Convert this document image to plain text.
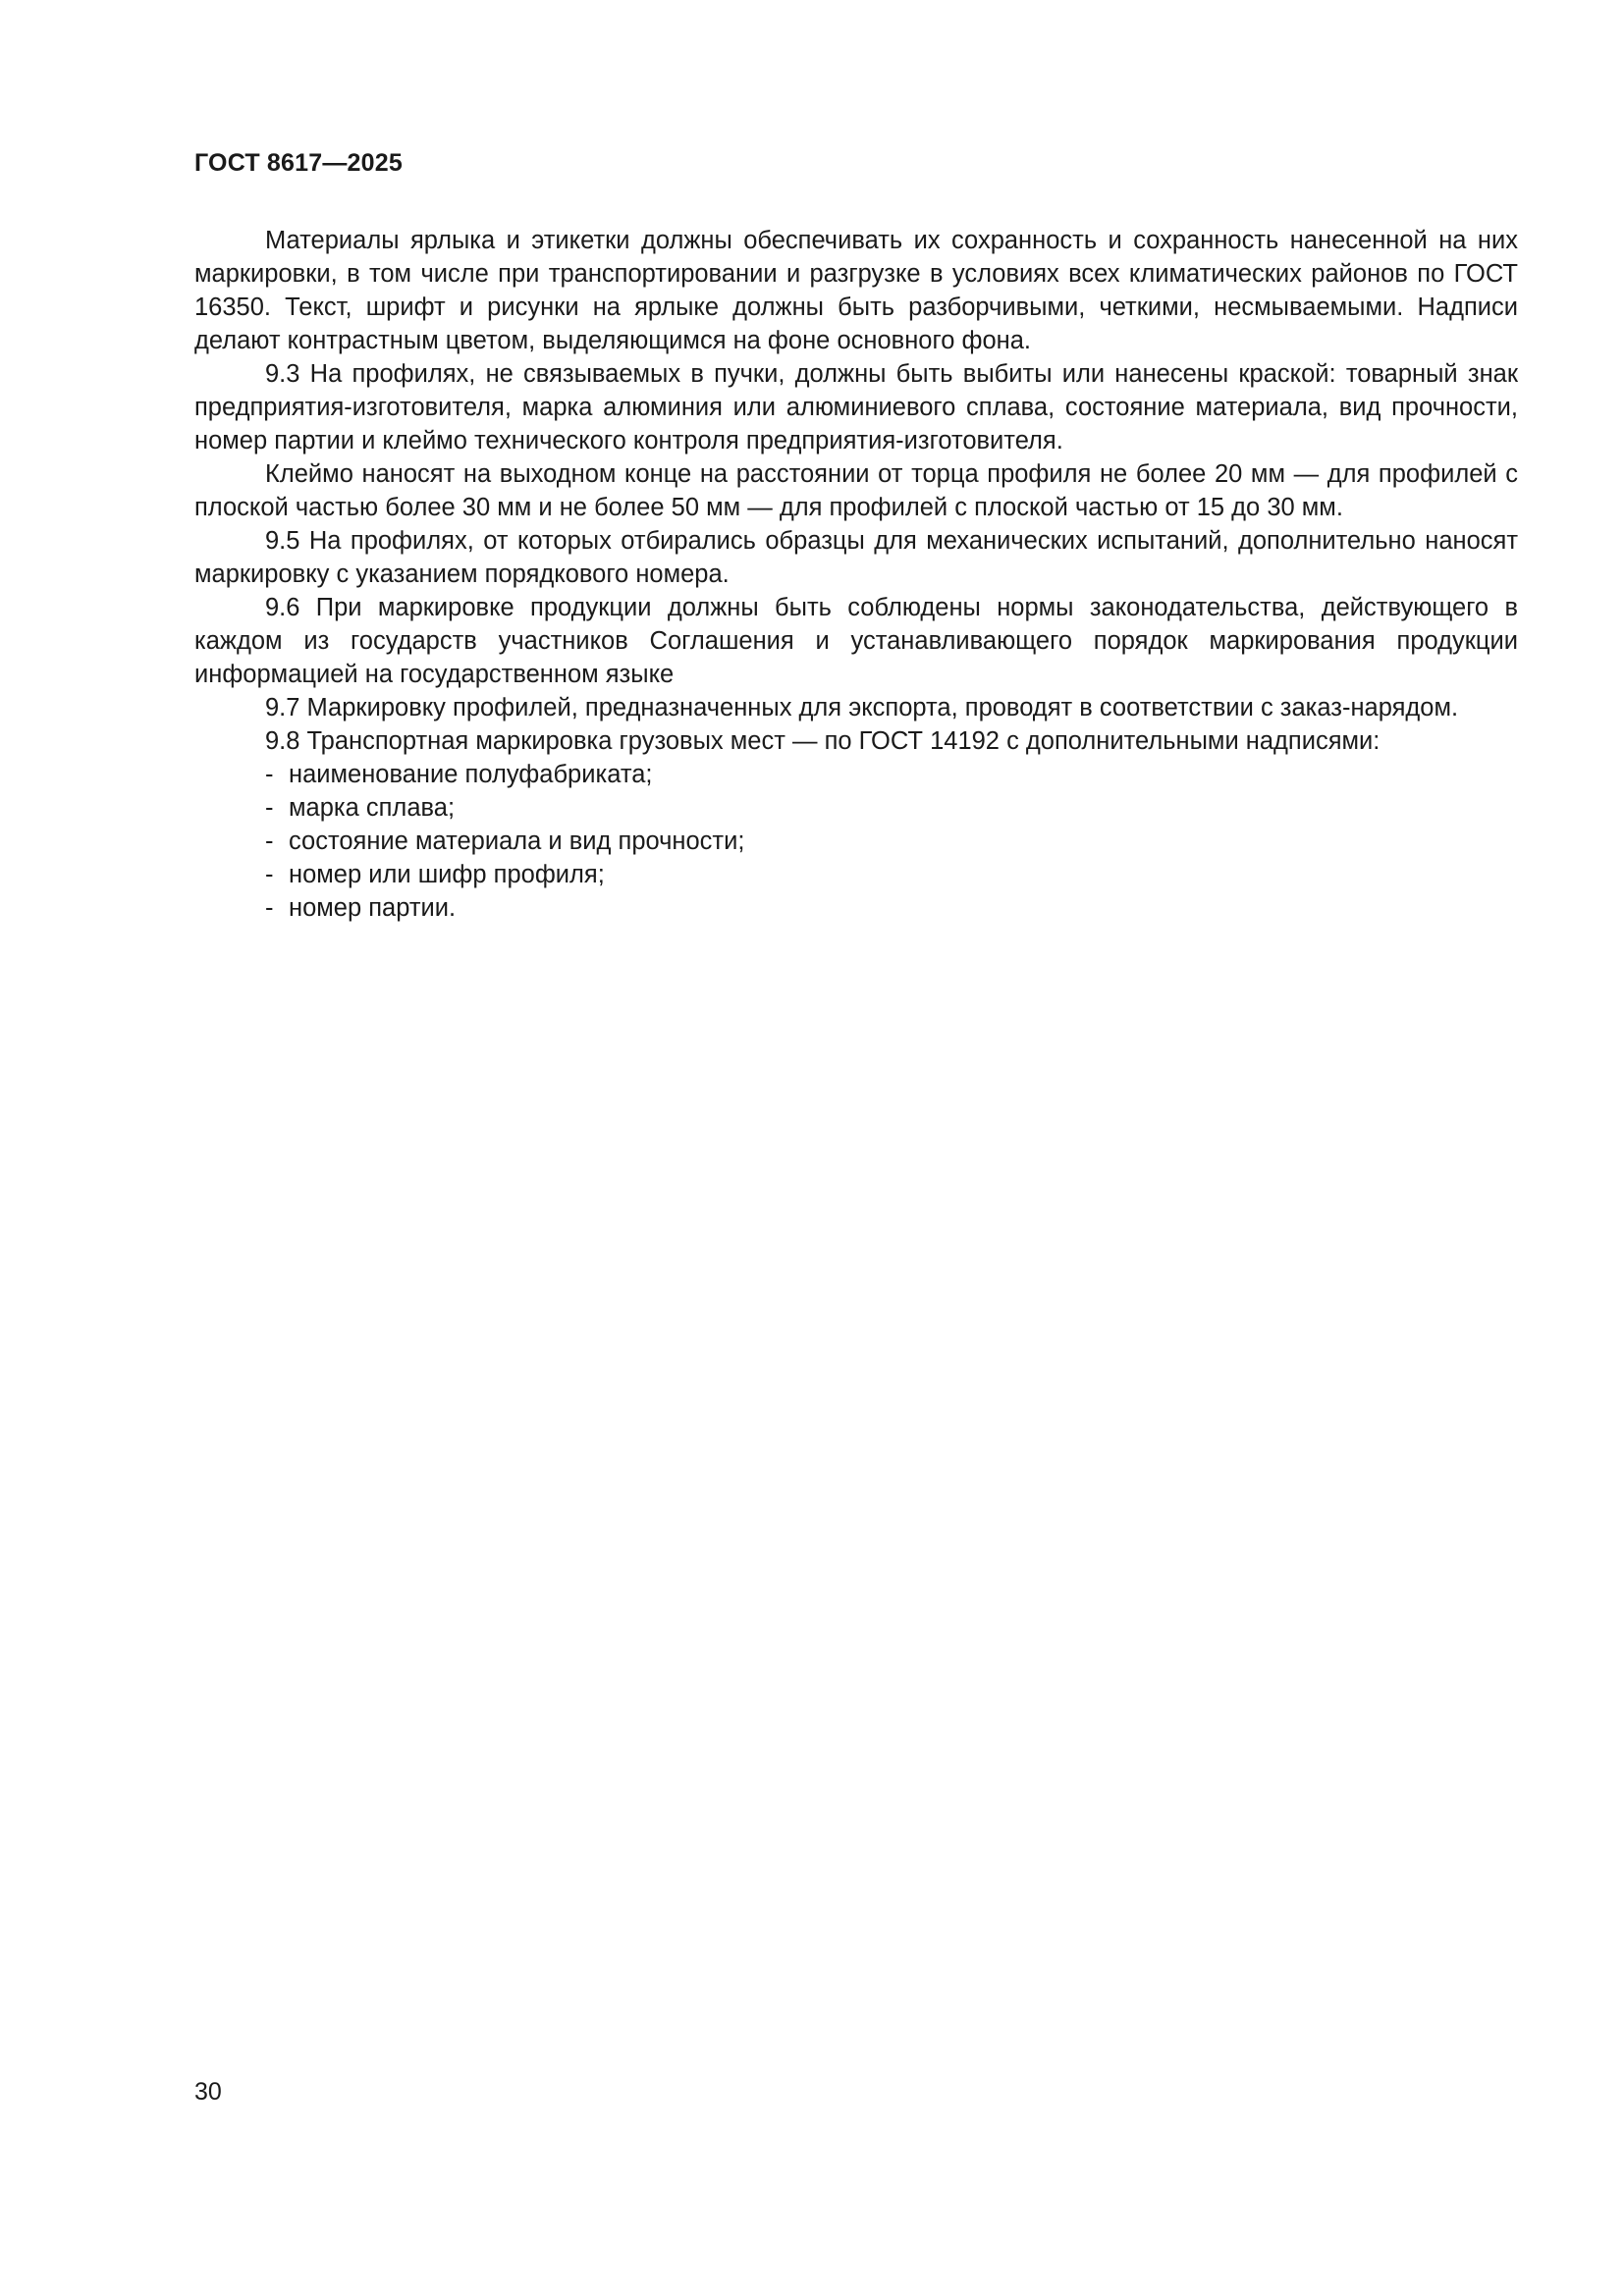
ГОСТ 8617—2025

Материалы ярлыка и этикетки должны обеспечивать их сохранность и сохранность нанесенной на них маркировки, в том числе при транспортировании и разгрузке в условиях всех климатических районов по ГОСТ 16350. Текст, шрифт и рисунки на ярлыке должны быть разборчивыми, четкими, несмываемыми. Надписи делают контрастным цветом, выделяющимся на фоне основного фона.

9.3 На профилях, не связываемых в пучки, должны быть выбиты или нанесены краской: товарный знак предприятия-изготовителя, марка алюминия или алюминиевого сплава, состояние материала, вид прочности, номер партии и клеймо технического контроля предприятия-изготовителя.

Клеймо наносят на выходном конце на расстоянии от торца профиля не более 20 мм — для профилей с плоской частью более 30 мм и не более 50 мм — для профилей с плоской частью от 15 до 30 мм.

9.5 На профилях, от которых отбирались образцы для механических испытаний, дополнительно наносят маркировку с указанием порядкового номера.

9.6 При маркировке продукции должны быть соблюдены нормы законодательства, действующего в каждом из государств участников Соглашения и устанавливающего порядок маркирования продукции информацией на государственном языке

9.7 Маркировку профилей, предназначенных для экспорта, проводят в соответствии с заказ-нарядом.

9.8 Транспортная маркировка грузовых мест — по ГОСТ 14192 с дополнительными надписями:

- наименование полуфабриката;
- марка сплава;
- состояние материала и вид прочности;
- номер или шифр профиля;
- номер партии.
30
